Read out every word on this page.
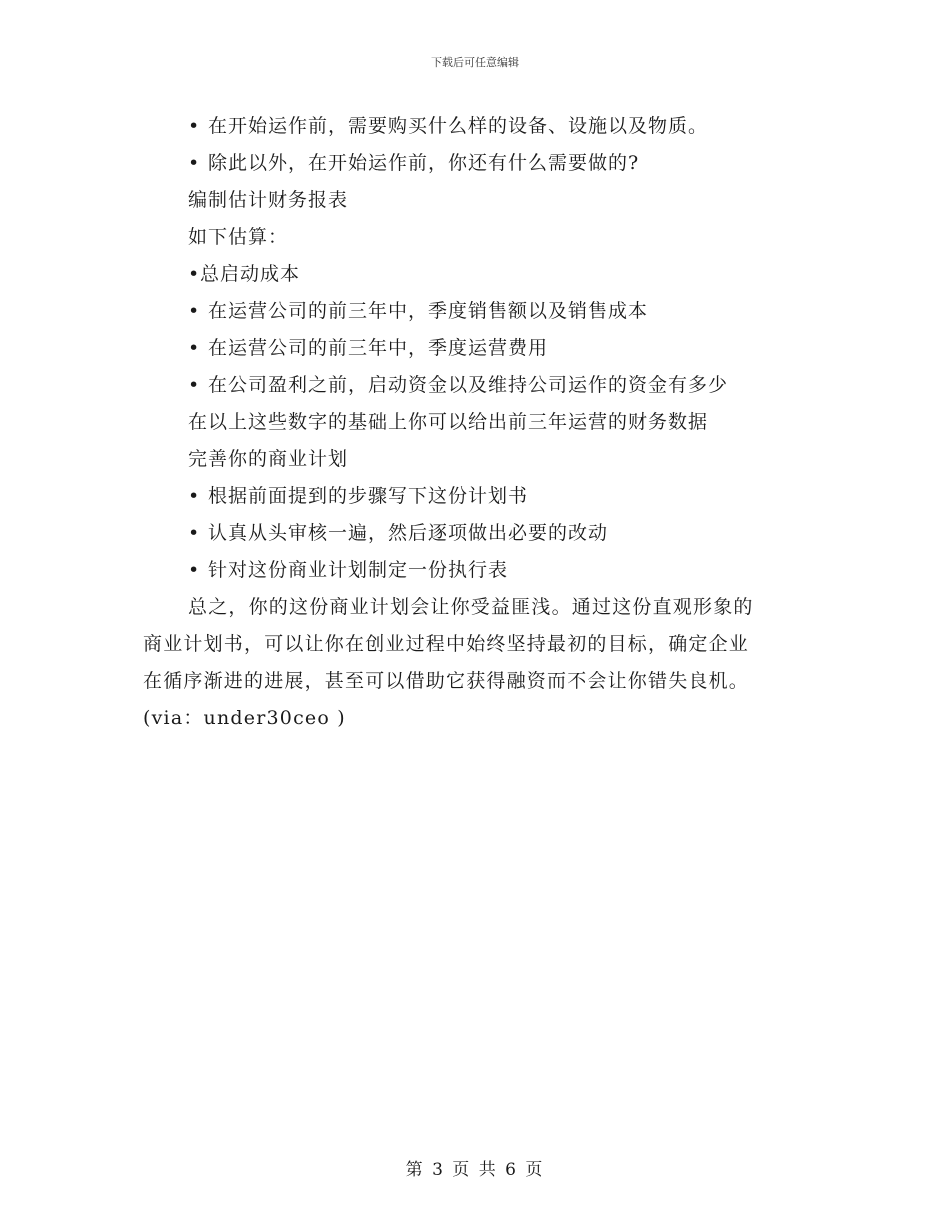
下载后可任意编辑
• 在开始运作前，需要购买什么样的设备、设施以及物质。
• 除此以外，在开始运作前，你还有什么需要做的?
编制估计财务报表
如下估算：
•总启动成本
• 在运营公司的前三年中，季度销售额以及销售成本
• 在运营公司的前三年中，季度运营费用
• 在公司盈利之前，启动资金以及维持公司运作的资金有多少
在以上这些数字的基础上你可以给出前三年运营的财务数据
完善你的商业计划
• 根据前面提到的步骤写下这份计划书
• 认真从头审核一遍，然后逐项做出必要的改动
• 针对这份商业计划制定一份执行表
总之，你的这份商业计划会让你受益匪浅。通过这份直观形象的
商业计划书，可以让你在创业过程中始终坚持最初的目标，确定企业
在循序渐进的进展，甚至可以借助它获得融资而不会让你错失良机。
(via：under30ceo )
第 3 页 共 6 页
